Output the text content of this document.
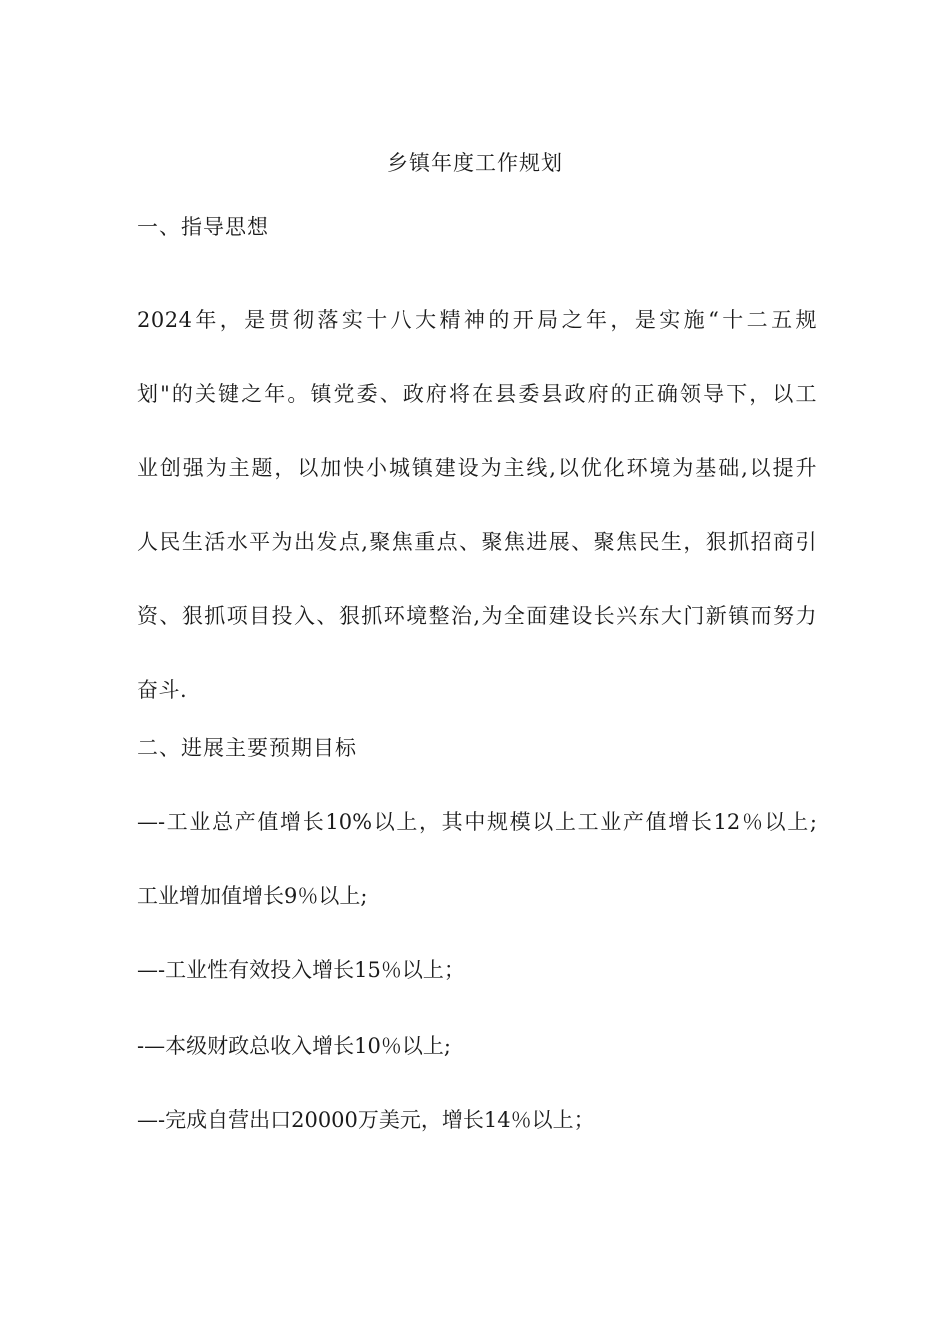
乡镇年度工作规划
一、指导思想
2024年，是贯彻落实十八大精神的开局之年，是实施“十二五规
划"的关键之年。镇党委、政府将在县委县政府的正确领导下，以工
业创强为主题，以加快小城镇建设为主线,以优化环境为基础,以提升
人民生活水平为出发点,聚焦重点、聚焦进展、聚焦民生，狠抓招商引
资、狠抓项目投入、狠抓环境整治,为全面建设长兴东大门新镇而努力
奋斗.
二、进展主要预期目标
—-工业总产值增长10%以上，其中规模以上工业产值增长12％以上;
工业增加值增长9％以上;
—-工业性有效投入增长15％以上；
-—本级财政总收入增长10％以上;
—-完成自营出口20000万美元，增长14％以上；
